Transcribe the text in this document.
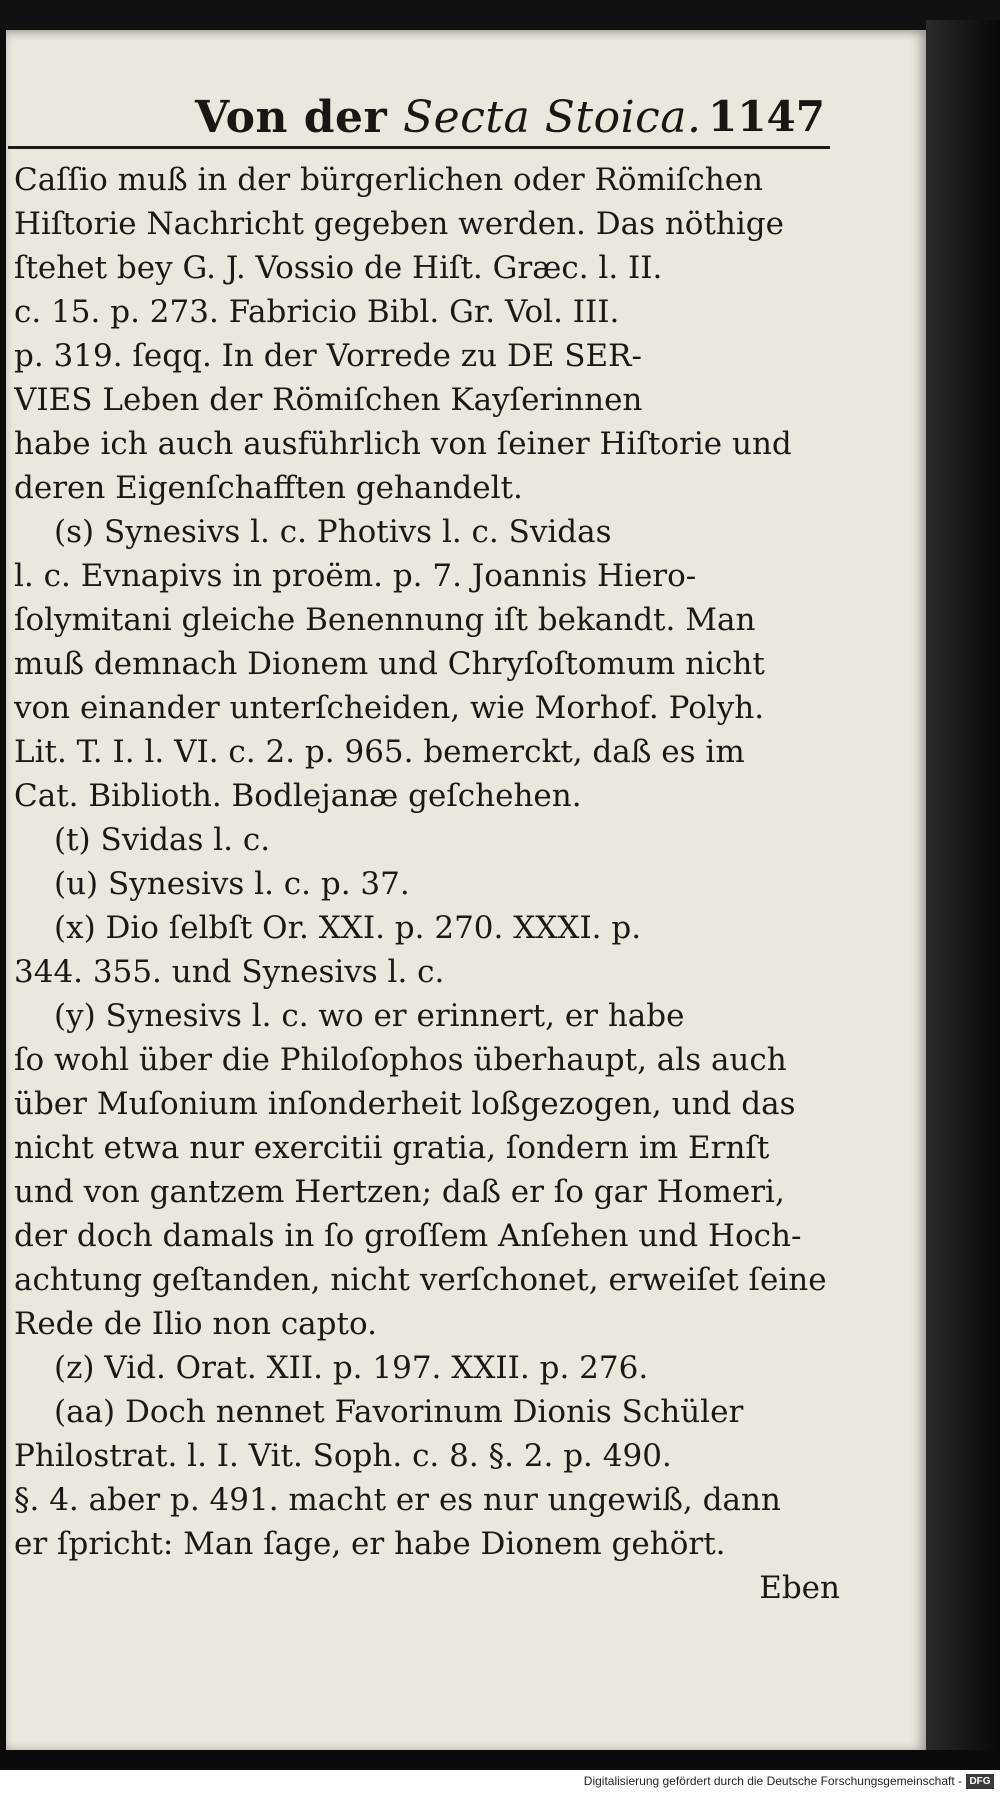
Von der Secta Stoica. 1147
Caſſio muß in der bürgerlichen oder Römiſchen
Hiſtorie Nachricht gegeben werden. Das nöthige
ſtehet bey G. J. Vossio de Hiſt. Græc. l. II.
c. 15. p. 273. Fabricio Bibl. Gr. Vol. III.
p. 319. ſeqq. In der Vorrede zu DE SER-
VIES Leben der Römiſchen Kayſerinnen
habe ich auch ausführlich von ſeiner Hiſtorie und
deren Eigenſchafften gehandelt.
(s) Synesivs l. c. Photivs l. c. Svidas
l. c. Evnapivs in proëm. p. 7. Joannis Hiero-
ſolymitani gleiche Benennung iſt bekandt. Man
muß demnach Dionem und Chryſoſtomum nicht
von einander unterſcheiden, wie Morhof. Polyh.
Lit. T. I. l. VI. c. 2. p. 965. bemerckt, daß es im
Cat. Biblioth. Bodlejanæ geſchehen.
(t) Svidas l. c.
(u) Synesivs l. c. p. 37.
(x) Dio ſelbſt Or. XXI. p. 270. XXXI. p.
344. 355. und Synesivs l. c.
(y) Synesivs l. c. wo er erinnert, er habe
ſo wohl über die Philoſophos überhaupt, als auch
über Muſonium inſonderheit loßgezogen, und das
nicht etwa nur exercitii gratia, ſondern im Ernſt
und von gantzem Hertzen; daß er ſo gar Homeri,
der doch damals in ſo groſſem Anſehen und Hoch-
achtung geſtanden, nicht verſchonet, erweiſet ſeine
Rede de Ilio non capto.
(z) Vid. Orat. XII. p. 197. XXII. p. 276.
(aa) Doch nennet Favorinum Dionis Schüler
Philostrat. l. I. Vit. Soph. c. 8. §. 2. p. 490.
§. 4. aber p. 491. macht er es nur ungewiß, dann
er ſpricht: Man ſage, er habe Dionem gehört.
Eben
Digitalisierung gefördert durch die Deutsche Forschungsgemeinschaft - DFG
